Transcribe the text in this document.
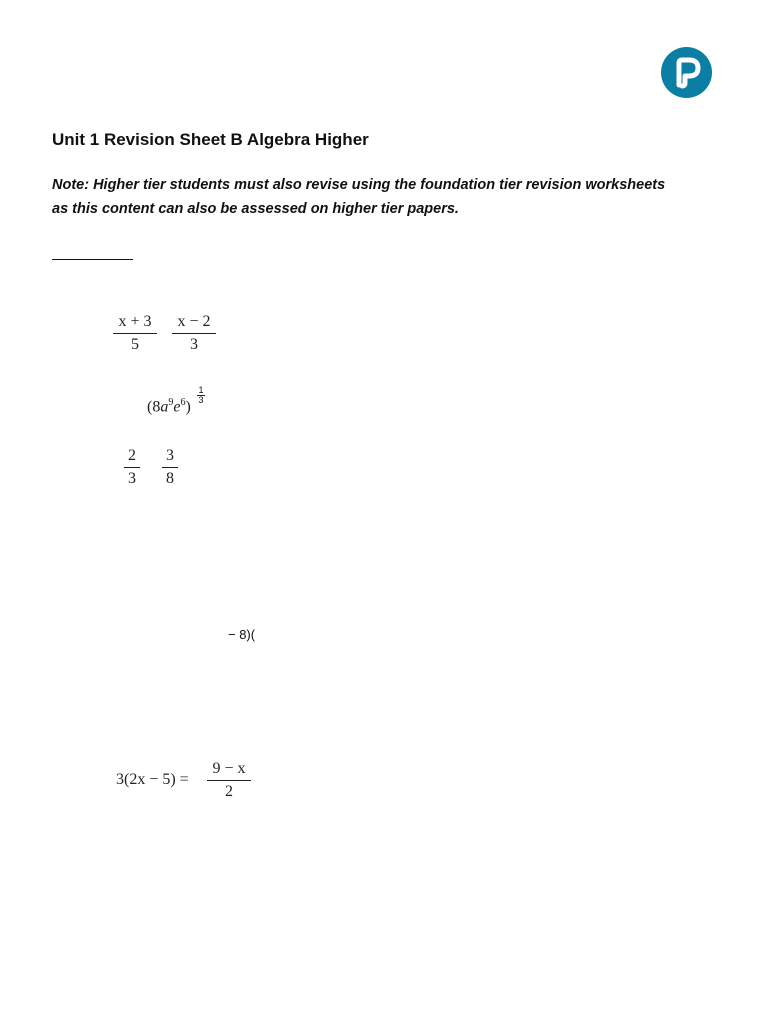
Unit 1 Revision Sheet B Algebra Higher

Note: Higher tier students must also revise using the foundation tier revision worksheets as this content can also be assessed on higher tier papers.

x + 3
5
x − 2
3
$(8a^9e^6)$
1
3
2
3
3
8
− 8)(
3(2x − 5) =
9 − x
2
